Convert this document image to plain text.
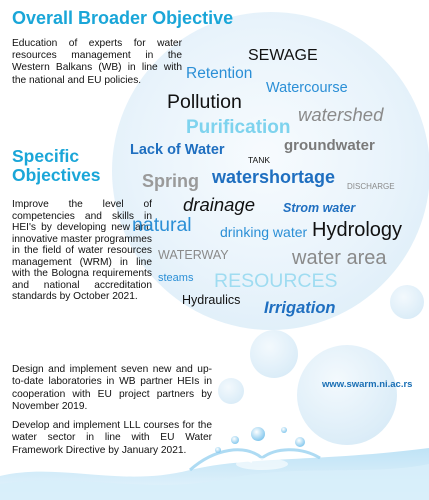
Overall Broader Objective

Education of experts for water resources management in the Western Balkans (WB) in line with the national and EU policies.

Specific Objectives

Improve the level of competencies and skills in HEI's by developing new and innovative master programmes in the field of water resources management (WRM) in line with the Bologna requirements and national accreditation standards by October 2021.

Design and implement seven new and up-to-date laboratories in WB partner HEIs in cooperation with EU project partners by November 2019.

Develop and implement LLL courses for the water sector in line with EU Water Framework Directive by January 2021.

www.swarm.ni.ac.rs
SEWAGE
Retention
Watercourse
Pollution
watershed
Purification
Lack of Water	groundwater
TANK
Spring watershortage DISCHARGE
drainage Strom water
natural drinking water Hydrology
WATERWAY	water area
steams RESOURCES
Hydraulics Irrigation
